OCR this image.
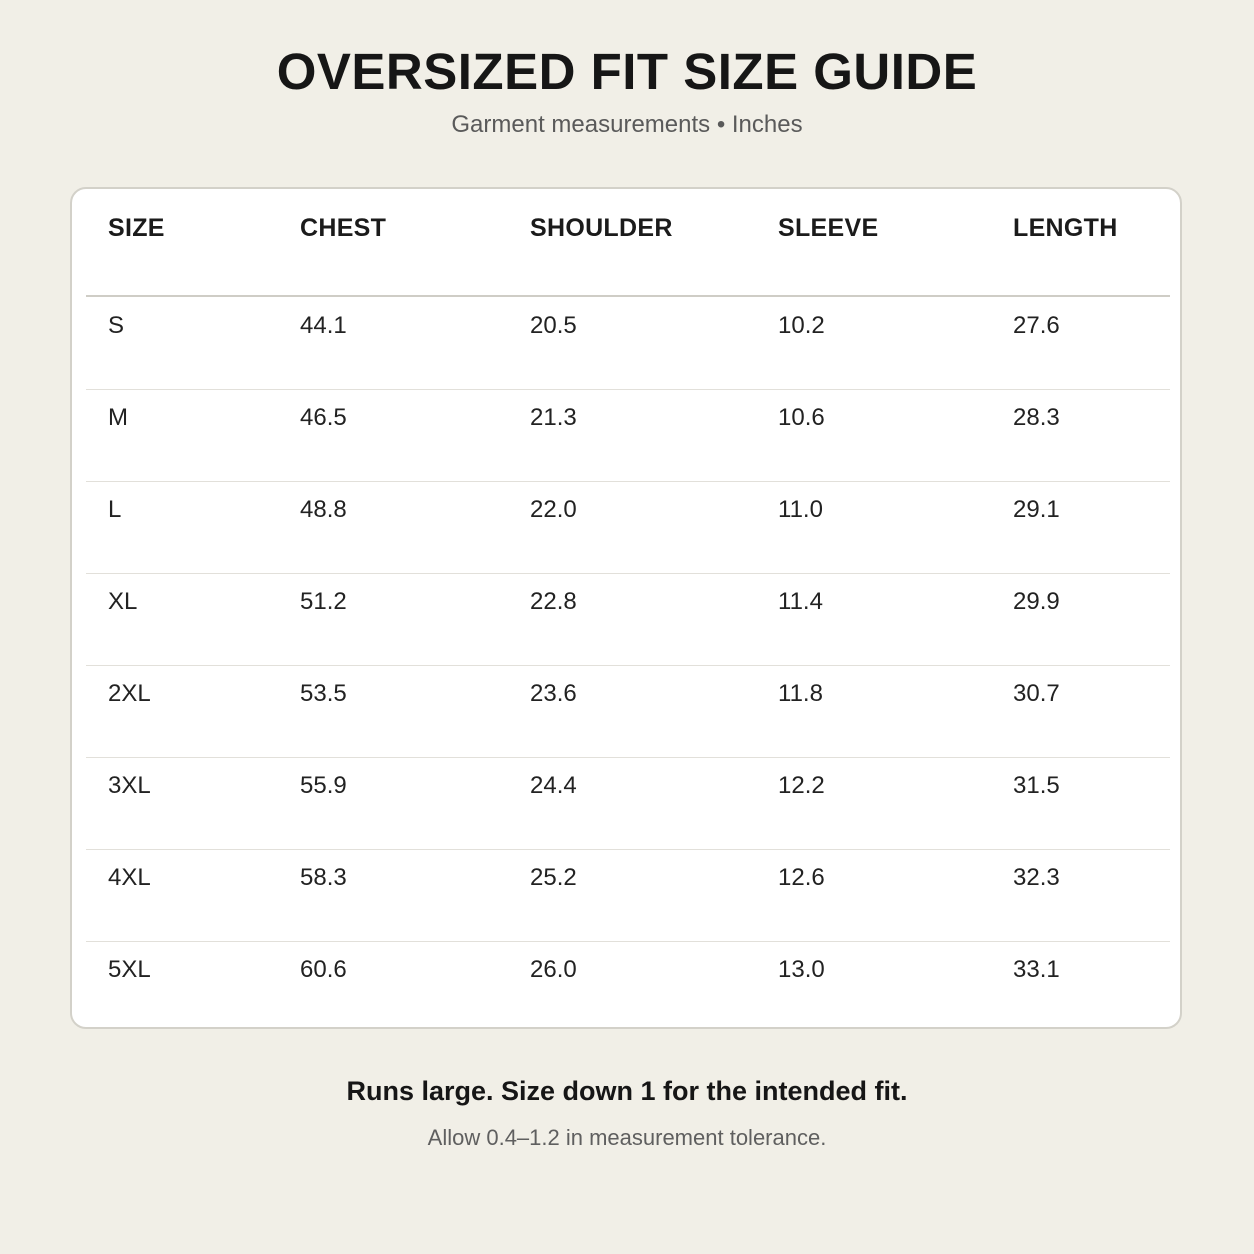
OVERSIZED FIT SIZE GUIDE
Garment measurements • Inches
SIZE	CHEST	SHOULDER	SLEEVE	LENGTH
S	44.1	20.5	10.2	27.6
M	46.5	21.3	10.6	28.3
L	48.8	22.0	11.0	29.1
XL	51.2	22.8	11.4	29.9
2XL	53.5	23.6	11.8	30.7
3XL	55.9	24.4	12.2	31.5
4XL	58.3	25.2	12.6	32.3
5XL	60.6	26.0	13.0	33.1
Runs large. Size down 1 for the intended fit.
Allow 0.4–1.2 in measurement tolerance.
